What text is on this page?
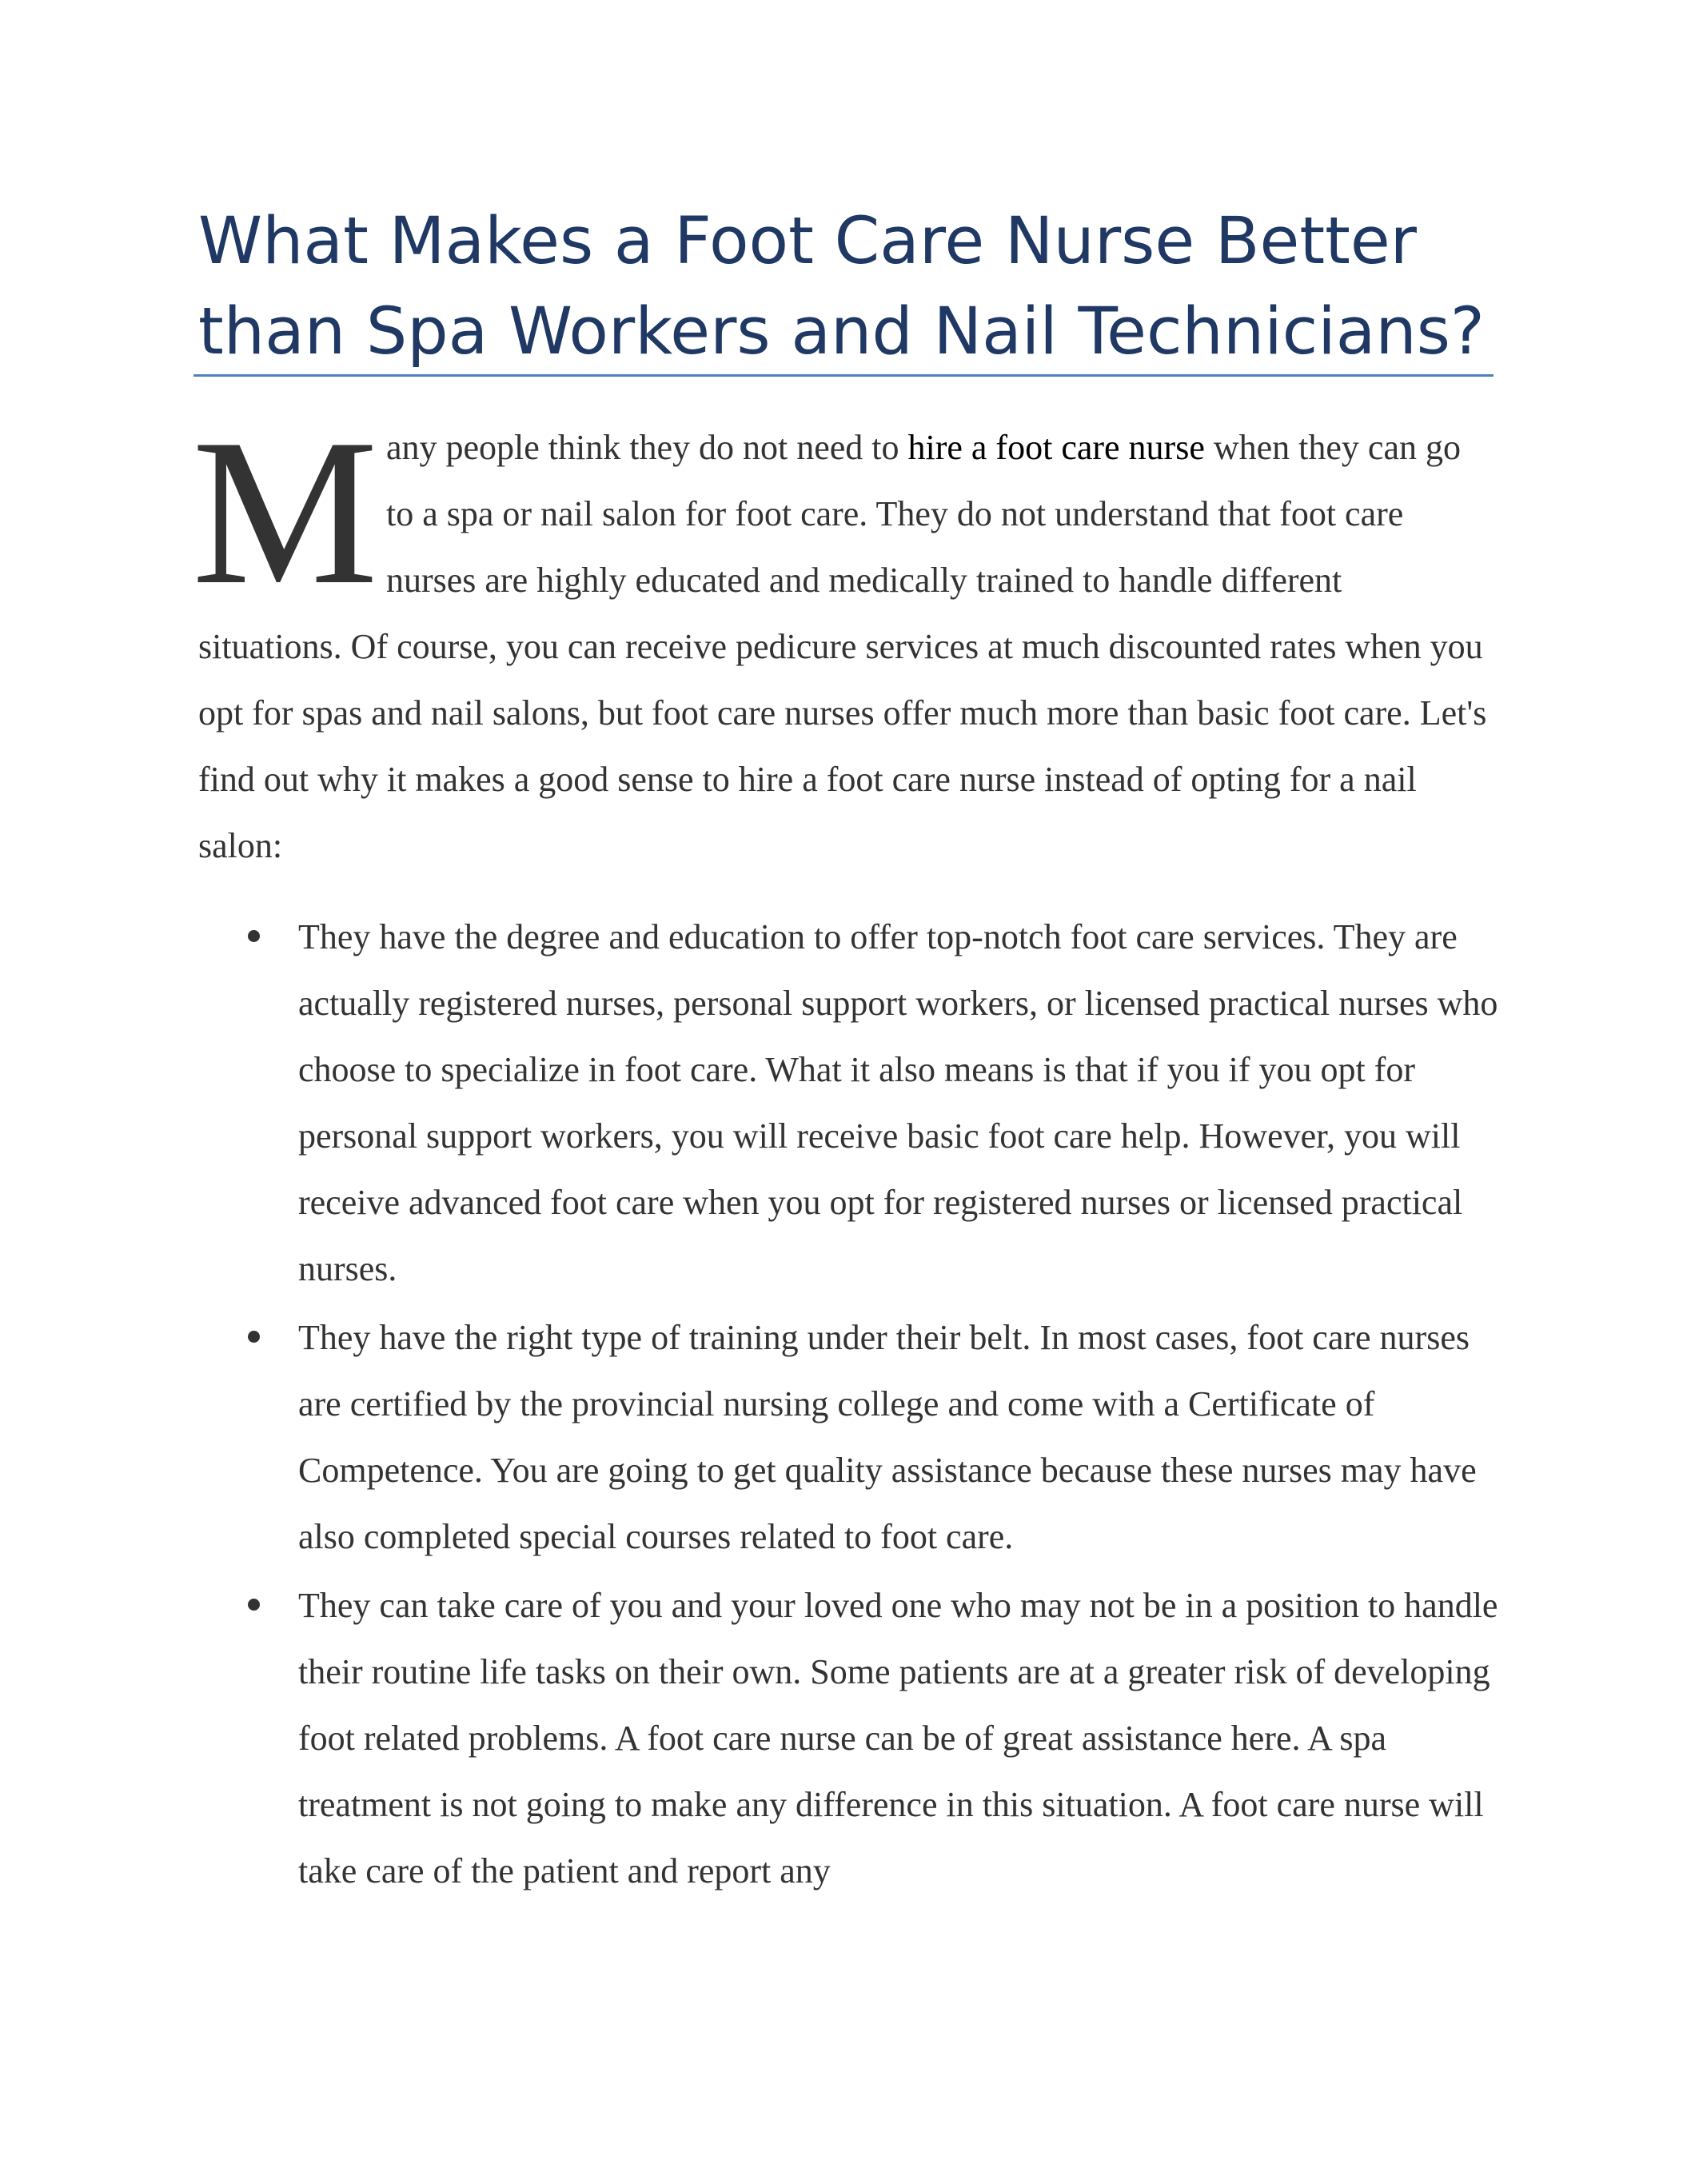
What Makes a Foot Care Nurse Better than Spa Workers and Nail Technicians?

Many people think they do not need to hire a foot care nurse when they can go to a spa or nail salon for foot care. They do not understand that foot care nurses are highly educated and medically trained to handle different situations. Of course, you can receive pedicure services at much discounted rates when you opt for spas and nail salons, but foot care nurses offer much more than basic foot care. Let's find out why it makes a good sense to hire a foot care nurse instead of opting for a nail salon:

They have the degree and education to offer top-notch foot care services. They are actually registered nurses, personal support workers, or licensed practical nurses who choose to specialize in foot care. What it also means is that if you if you opt for personal support workers, you will receive basic foot care help. However, you will receive advanced foot care when you opt for registered nurses or licensed practical nurses.
They have the right type of training under their belt. In most cases, foot care nurses are certified by the provincial nursing college and come with a Certificate of Competence. You are going to get quality assistance because these nurses may have also completed special courses related to foot care.
They can take care of you and your loved one who may not be in a position to handle their routine life tasks on their own. Some patients are at a greater risk of developing foot related problems. A foot care nurse can be of great assistance here. A spa treatment is not going to make any difference in this situation. A foot care nurse will take care of the patient and report any
